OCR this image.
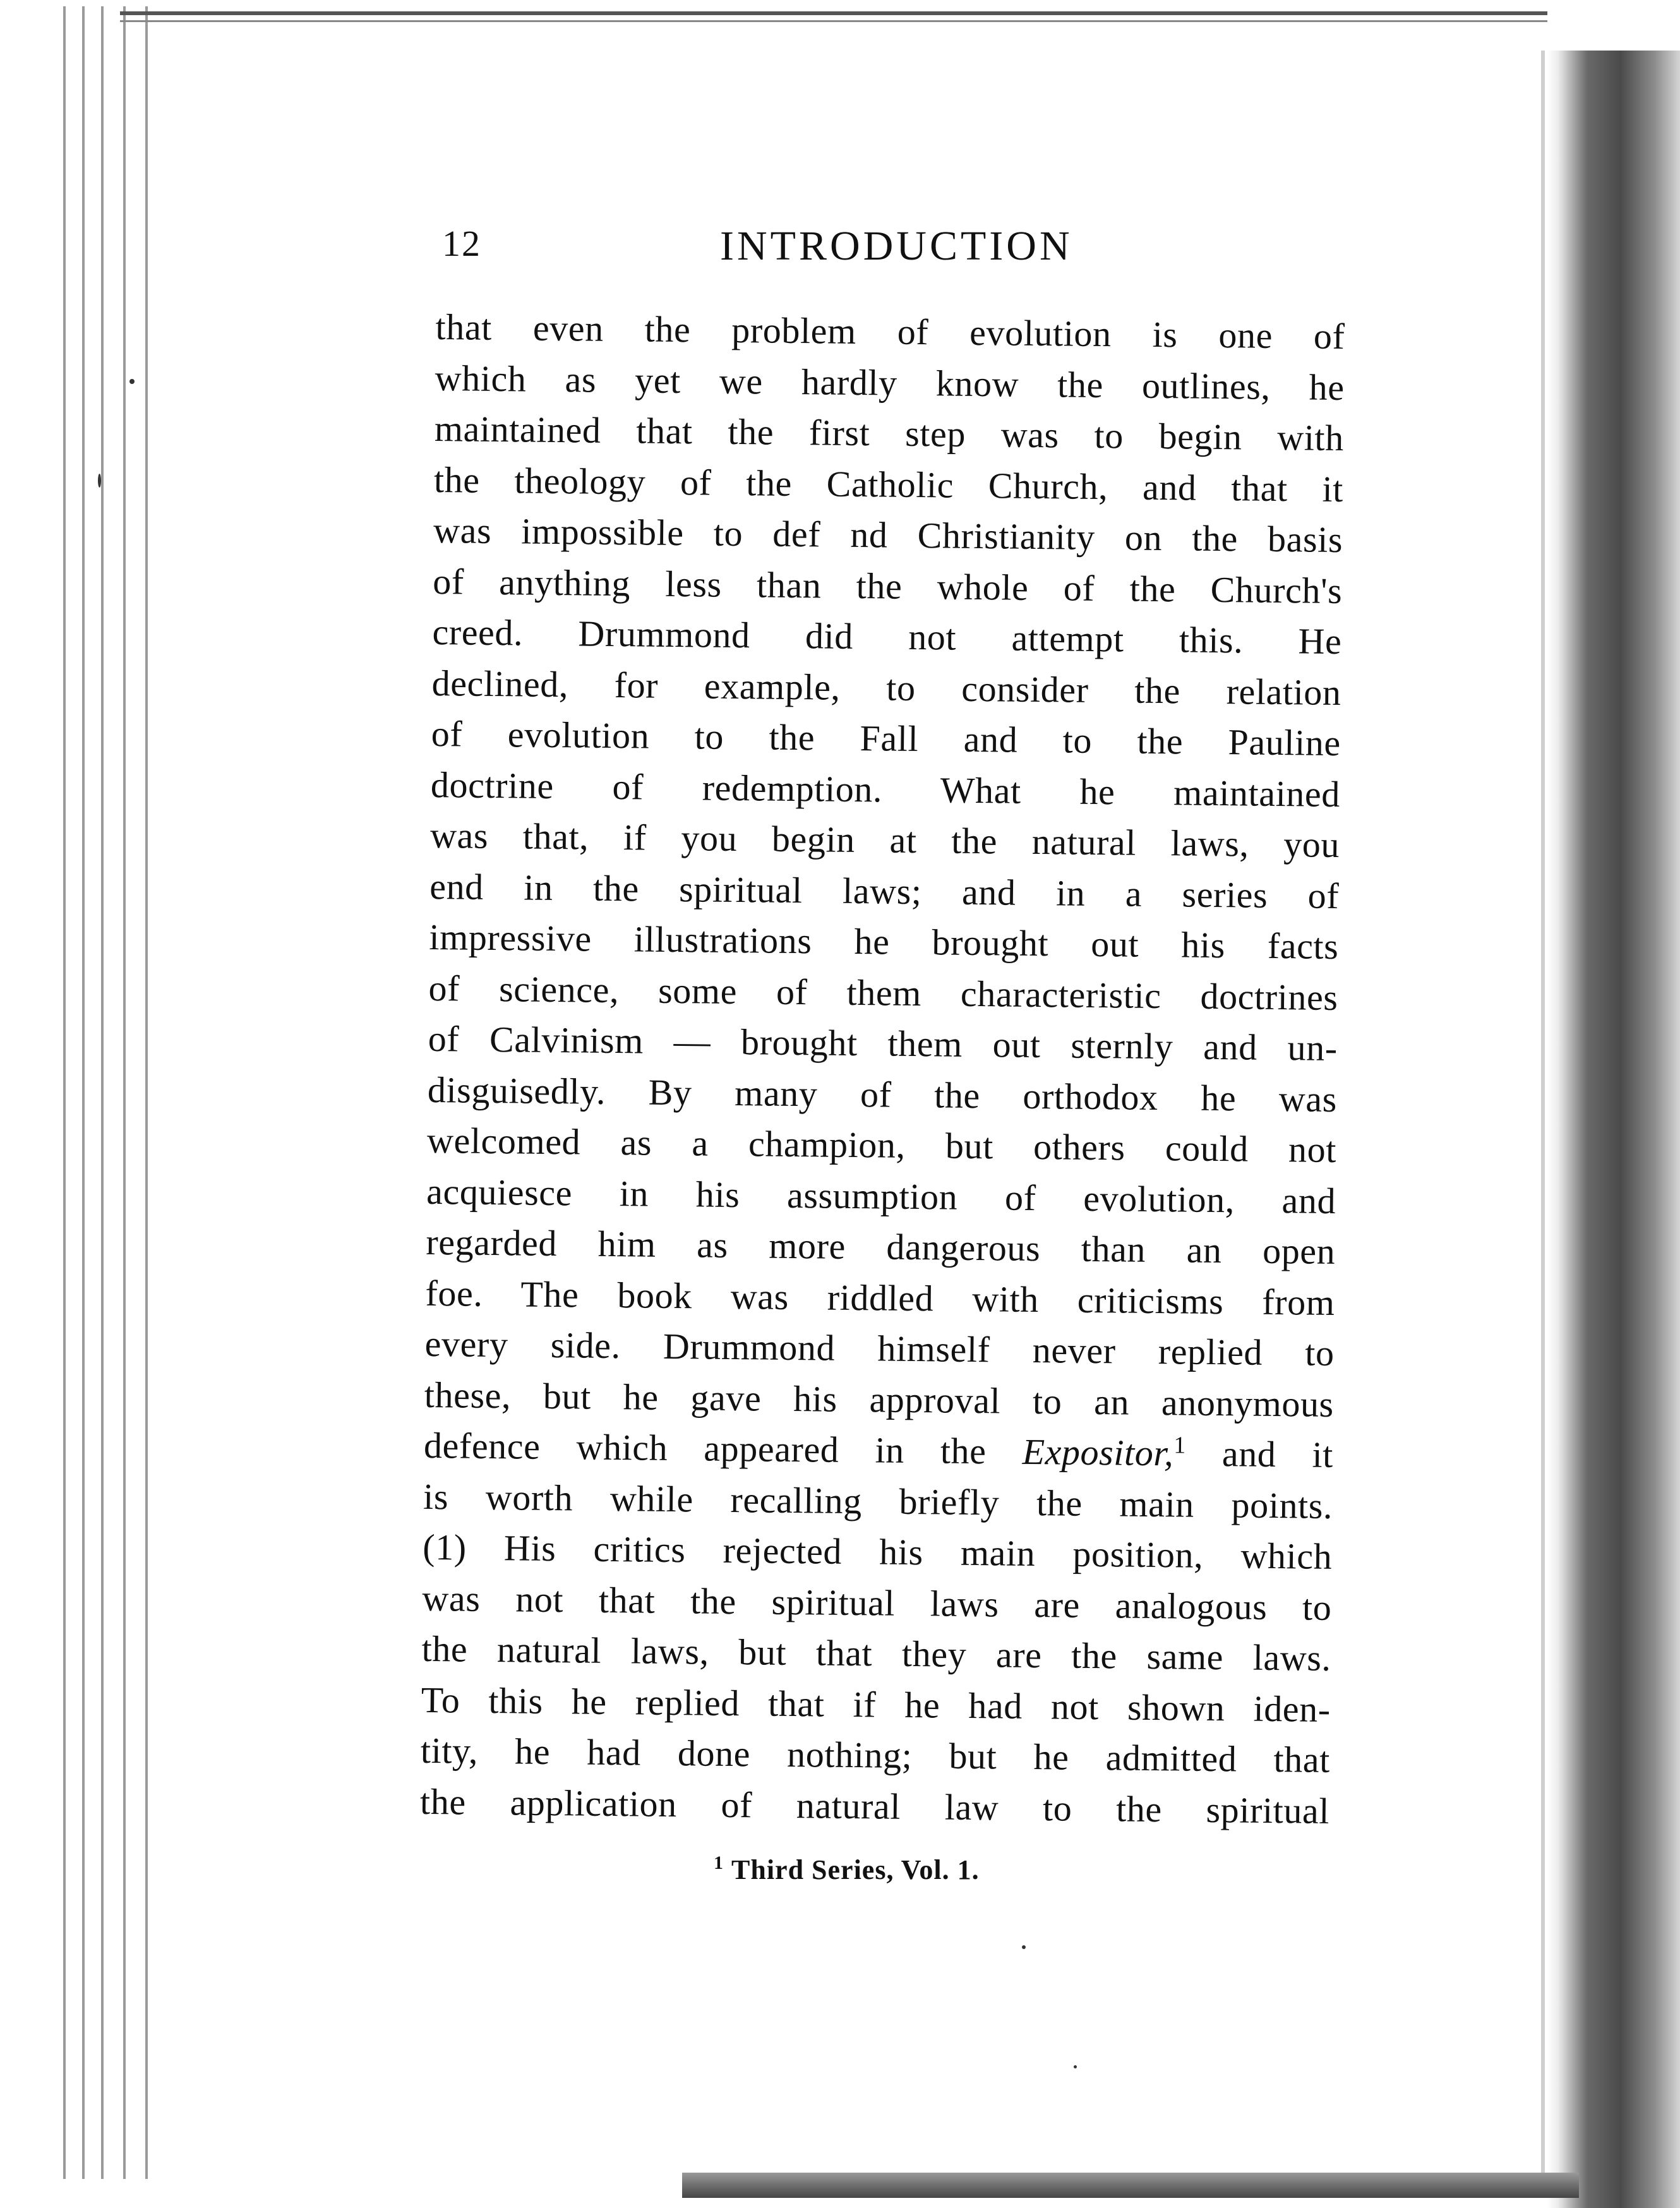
12	INTRODUCTION
that even the problem of evolution is one of
which as yet we hardly know the outlines, he
maintained that the first step was to begin with
the theology of the Catholic Church, and that it
was impossible to def nd Christianity on the basis
of anything less than the whole of the Church's
creed. Drummond did not attempt this. He
declined, for example, to consider the relation
of evolution to the Fall and to the Pauline
doctrine of redemption. What he maintained
was that, if you begin at the natural laws, you
end in the spiritual laws; and in a series of
impressive illustrations he brought out his facts
of science, some of them characteristic doctrines
of Calvinism — brought them out sternly and un-
disguisedly. By many of the orthodox he was
welcomed as a champion, but others could not
acquiesce in his assumption of evolution, and
regarded him as more dangerous than an open
foe. The book was riddled with criticisms from
every side. Drummond himself never replied to
these, but he gave his approval to an anonymous
defence which appeared in the Expositor,$^1$ and it
is worth while recalling briefly the main points.
(1) His critics rejected his main position, which
was not that the spiritual laws are analogous to
the natural laws, but that they are the same laws.
To this he replied that if he had not shown iden-
tity, he had done nothing; but he admitted that
the application of natural law to the spiritual
$^1$ Third Series, Vol. 1.
